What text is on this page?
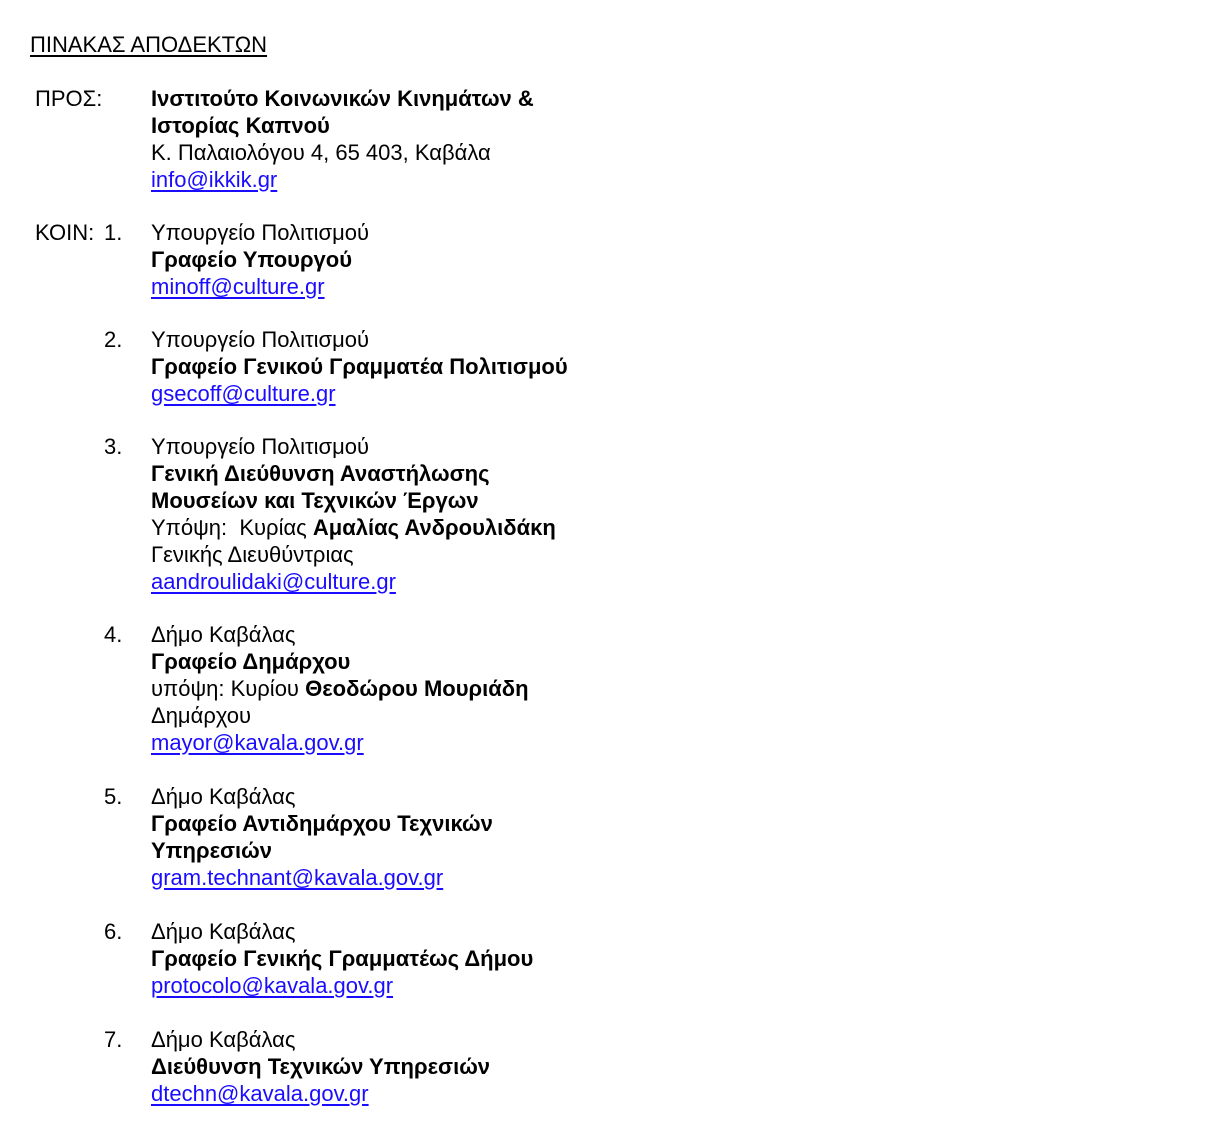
ΠΙΝΑΚΑΣ ΑΠΟΔΕΚΤΩΝ
ΠΡΟΣ: Ινστιτούτο Κοινωνικών Κινημάτων &
Ιστορίας Καπνού
Κ. Παλαιολόγου 4, 65 403, Καβάλα
info@ikkik.gr
ΚΟΙΝ: 1. Υπουργείο Πολιτισμού
Γραφείο Υπουργού
minoff@culture.gr
2. Υπουργείο Πολιτισμού
Γραφείο Γενικού Γραμματέα Πολιτισμού
gsecoff@culture.gr
3. Υπουργείο Πολιτισμού
Γενική Διεύθυνση Αναστήλωσης
Μουσείων και Τεχνικών Έργων
Υπόψη:  Κυρίας Αμαλίας Ανδρουλιδάκη
Γενικής Διευθύντριας
aandroulidaki@culture.gr
4. Δήμο Καβάλας
Γραφείο Δημάρχου
υπόψη: Κυρίου Θεοδώρου Μουριάδη
Δημάρχου
mayor@kavala.gov.gr
5. Δήμο Καβάλας
Γραφείο Αντιδημάρχου Τεχνικών
Υπηρεσιών
gram.technant@kavala.gov.gr
6. Δήμο Καβάλας
Γραφείο Γενικής Γραμματέως Δήμου
protocolo@kavala.gov.gr
7. Δήμο Καβάλας
Διεύθυνση Τεχνικών Υπηρεσιών
dtechn@kavala.gov.gr
